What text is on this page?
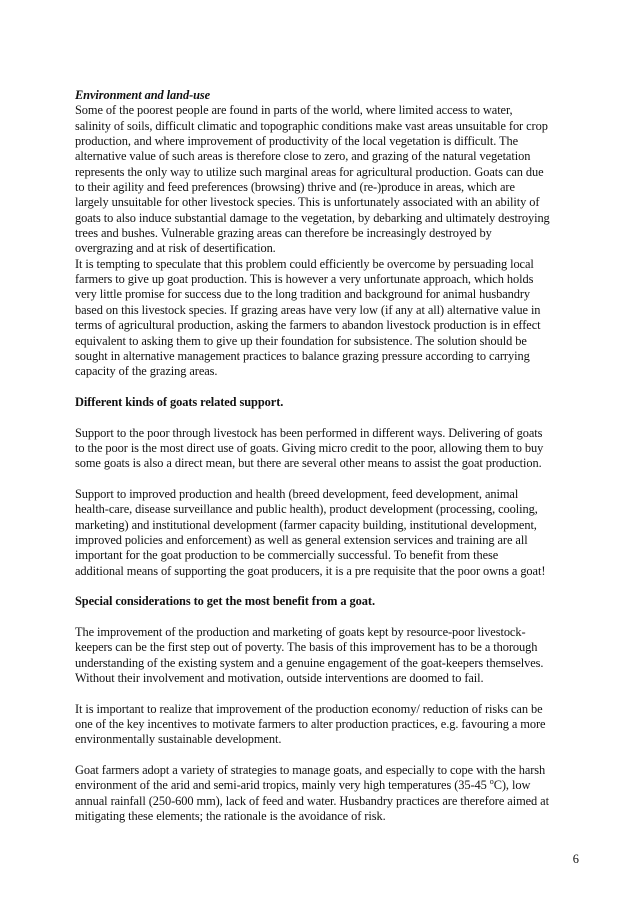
Environment and land-use
Some of the poorest people are found in parts of the world, where limited access to water,
salinity of soils, difficult climatic and topographic conditions make vast areas unsuitable for crop
production, and where improvement of productivity of the local vegetation is difficult. The
alternative value of such areas is therefore close to zero, and grazing of the natural vegetation
represents the only way to utilize such marginal areas for agricultural production. Goats can due
to their agility and feed preferences (browsing) thrive and (re-)produce in areas, which are
largely unsuitable for other livestock species. This is unfortunately associated with an ability of
goats to also induce substantial damage to the vegetation, by debarking and ultimately destroying
trees and bushes. Vulnerable grazing areas can therefore be increasingly destroyed by
overgrazing and at risk of desertification.
It is tempting to speculate that this problem could efficiently be overcome by persuading local
farmers to give up goat production. This is however a very unfortunate approach, which holds
very little promise for success due to the long tradition and background for animal husbandry
based on this livestock species. If grazing areas have very low (if any at all) alternative value in
terms of agricultural production, asking the farmers to abandon livestock production is in effect
equivalent to asking them to give up their foundation for subsistence. The solution should be
sought in alternative management practices to balance grazing pressure according to carrying
capacity of the grazing areas.
Different kinds of goats related support.
Support to the poor through livestock has been performed in different ways. Delivering of goats
to the poor is the most direct use of goats. Giving micro credit to the poor, allowing them to buy
some goats is also a direct mean, but there are several other means to assist the goat production.
Support to improved production and health (breed development, feed development, animal
health-care, disease surveillance and public health), product development (processing, cooling,
marketing) and institutional development (farmer capacity building, institutional development,
improved policies and enforcement) as well as general extension services and training are all
important for the goat production to be commercially successful. To benefit from these
additional means of supporting the goat producers, it is a pre requisite that the poor owns a goat!
Special considerations to get the most benefit from a goat.
The improvement of the production and marketing of goats kept by resource-poor livestock-
keepers can be the first step out of poverty. The basis of this improvement has to be a thorough
understanding of the existing system and a genuine engagement of the goat-keepers themselves.
Without their involvement and motivation, outside interventions are doomed to fail.
It is important to realize that improvement of the production economy/ reduction of risks can be
one of the key incentives to motivate farmers to alter production practices, e.g. favouring a more
environmentally sustainable development.
Goat farmers adopt a variety of strategies to manage goats, and especially to cope with the harsh
environment of the arid and semi-arid tropics, mainly very high temperatures (35-45 $^o$C), low
annual rainfall (250-600 mm), lack of feed and water. Husbandry practices are therefore aimed at
mitigating these elements; the rationale is the avoidance of risk.
6
